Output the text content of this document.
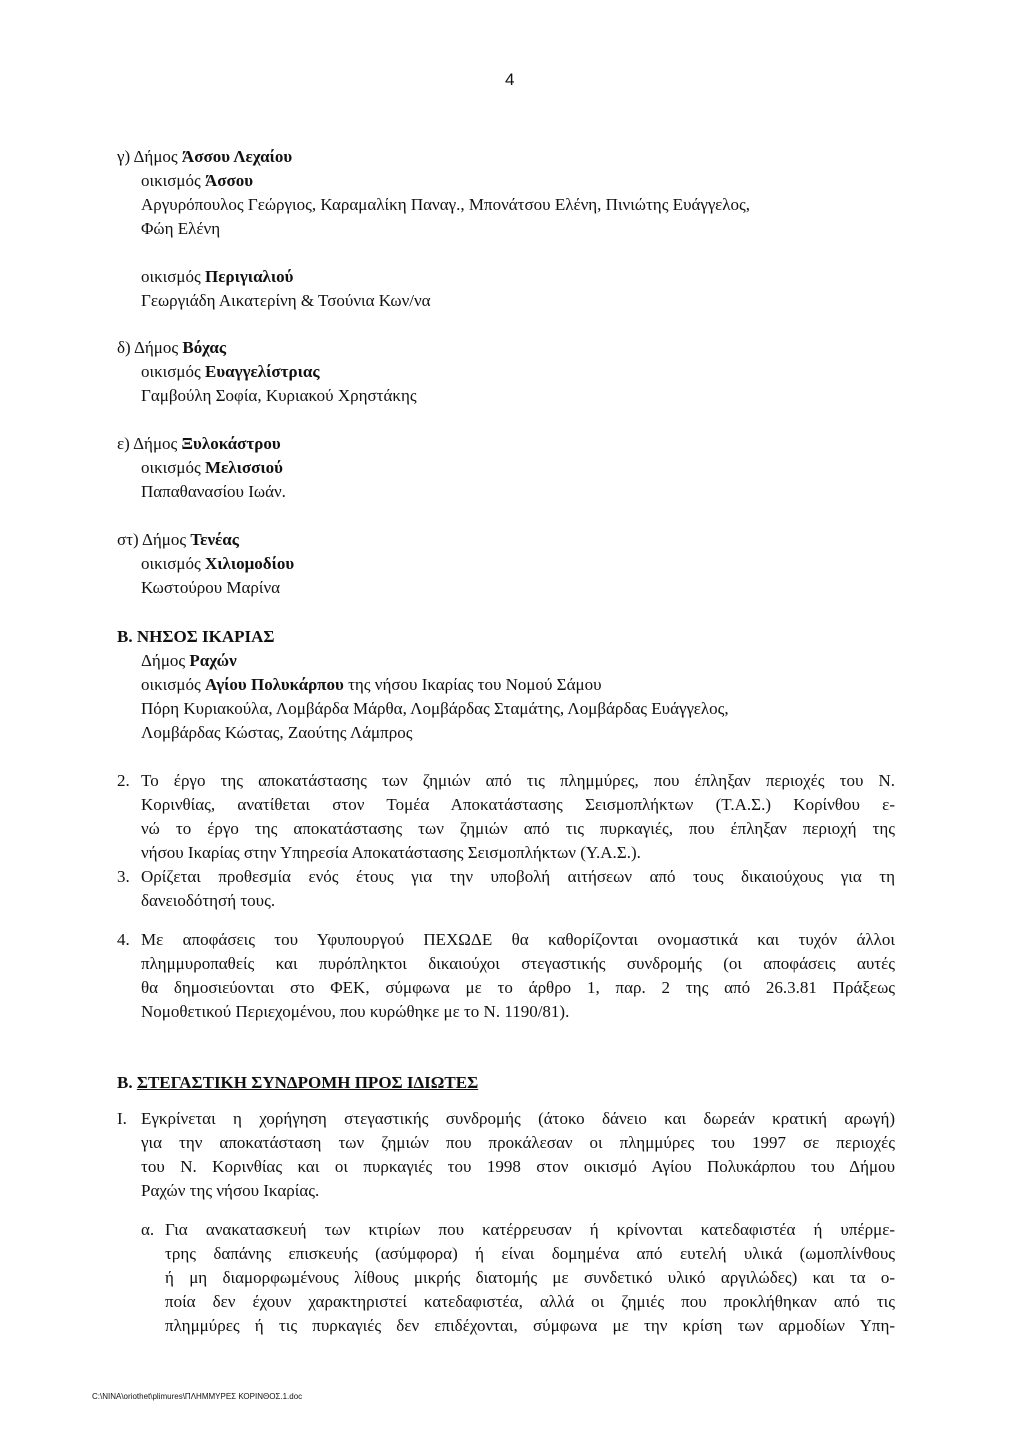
4
γ) Δήμος Άσσου Λεχαίου
οικισμός Άσσου
Αργυρόπουλος Γεώργιος, Καραμαλίκη Παναγ., Μπονάτσου Ελένη, Πινιώτης Ευάγγελος,
Φώη Ελένη
οικισμός Περιγιαλιού
Γεωργιάδη Αικατερίνη & Τσούνια Κων/να
δ) Δήμος Βόχας
οικισμός Ευαγγελίστριας
Γαμβούλη Σοφία, Κυριακού Χρηστάκης
ε) Δήμος Ξυλοκάστρου
οικισμός Μελισσιού
Παπαθανασίου Ιωάν.
στ) Δήμος Τενέας
οικισμός Χιλιομοδίου
Κωστούρου Μαρίνα
Β. ΝΗΣΟΣ ΙΚΑΡΙΑΣ
Δήμος Ραχών
οικισμός Αγίου Πολυκάρπου της νήσου Ικαρίας του Νομού Σάμου
Πόρη Κυριακούλα, Λομβάρδα Μάρθα, Λομβάρδας Σταμάτης, Λομβάρδας Ευάγγελος,
Λομβάρδας Κώστας, Ζαούτης Λάμπρος
2. Το έργο της αποκατάστασης των ζημιών από τις πλημμύρες, που έπληξαν περιοχές του Ν.
Κορινθίας, ανατίθεται στον Τομέα Αποκατάστασης Σεισμοπλήκτων (Τ.Α.Σ.) Κορίνθου ε-
νώ το έργο της αποκατάστασης των ζημιών από τις πυρκαγιές, που έπληξαν περιοχή της
νήσου Ικαρίας στην Υπηρεσία Αποκατάστασης Σεισμοπλήκτων (Υ.Α.Σ.).
3. Ορίζεται προθεσμία ενός έτους για την υποβολή αιτήσεων από τους δικαιούχους για τη
δανειοδότησή τους.
4. Με αποφάσεις του Υφυπουργού ΠΕΧΩΔΕ θα καθορίζονται ονομαστικά και τυχόν άλλοι
πλημμυροπαθείς και πυρόπληκτοι δικαιούχοι στεγαστικής συνδρομής (οι αποφάσεις αυτές
θα δημοσιεύονται στο ΦΕΚ, σύμφωνα με το άρθρο 1, παρ. 2 της από 26.3.81 Πράξεως
Νομοθετικού Περιεχομένου, που κυρώθηκε με το Ν. 1190/81).
Β. ΣΤΕΓΑΣΤΙΚΗ ΣΥΝΔΡΟΜΗ ΠΡΟΣ ΙΔΙΩΤΕΣ
Ι. Εγκρίνεται η χορήγηση στεγαστικής συνδρομής (άτοκο δάνειο και δωρεάν κρατική αρωγή)
για την αποκατάσταση των ζημιών που προκάλεσαν οι πλημμύρες του 1997 σε περιοχές
του Ν. Κορινθίας και οι πυρκαγιές του 1998 στον οικισμό Αγίου Πολυκάρπου του Δήμου
Ραχών της νήσου Ικαρίας.
α. Για ανακατασκευή των κτιρίων που κατέρρευσαν ή κρίνονται κατεδαφιστέα ή υπέρμε-
τρης δαπάνης επισκευής (ασύμφορα) ή είναι δομημένα από ευτελή υλικά (ωμοπλίνθους
ή μη διαμορφωμένους λίθους μικρής διατομής με συνδετικό υλικό αργιλώδες) και τα ο-
ποία δεν έχουν χαρακτηριστεί κατεδαφιστέα, αλλά οι ζημιές που προκλήθηκαν από τις
πλημμύρες ή τις πυρκαγιές δεν επιδέχονται, σύμφωνα με την κρίση των αρμοδίων Υπη-
C:\NINA\oriothet\plimures\ΠΛΗΜΜΥΡΕΣ ΚΟΡΙΝΘΟΣ.1.doc
